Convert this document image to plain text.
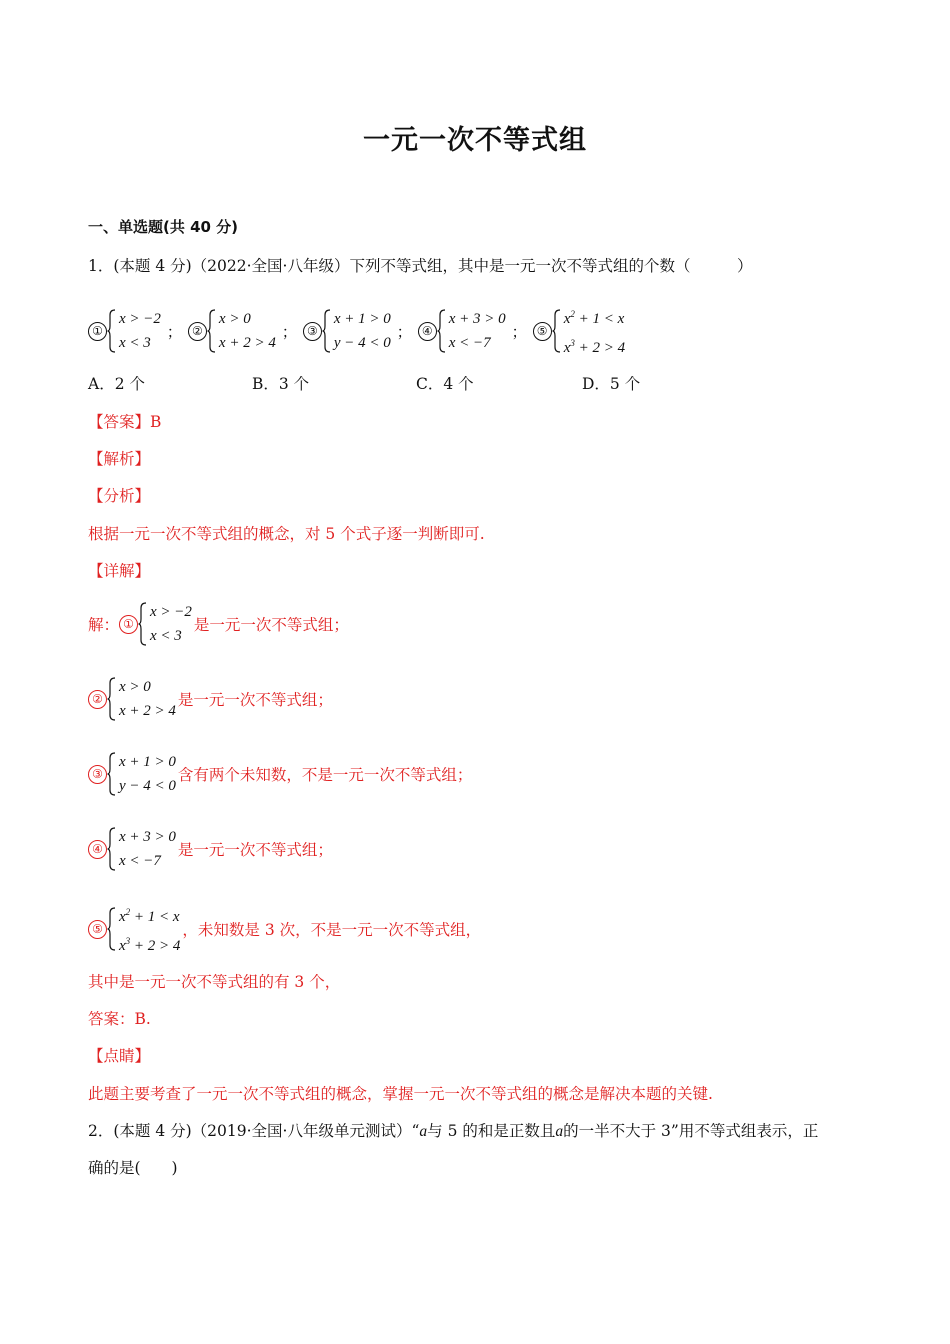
一元一次不等式组
一、单选题(共 40 分)
1．(本题 4 分)（2022·全国·八年级）下列不等式组，其中是一元一次不等式组的个数（　　　）
①
x > −2
x < 3
； ②
x > 0
x + 2 > 4
； ③
x + 1 > 0
y − 4 < 0
； ④
x + 3 > 0
x < −7
； ⑤
$x^2 + 1 < x$
$x^3 + 2 > 4$
A．2 个	B．3 个	C．4 个	D．5 个
【答案】B
【解析】
【分析】
根据一元一次不等式组的概念，对 5 个式子逐一判断即可.
【详解】
解： ①
x > −2
x < 3
是一元一次不等式组；
②
x > 0
x + 2 > 4
是一元一次不等式组；
③
x + 1 > 0
y − 4 < 0
含有两个未知数，不是一元一次不等式组；
④
x + 3 > 0
x < −7
是一元一次不等式组；
⑤
$x^2 + 1 < x$
$x^3 + 2 > 4$
，未知数是 3 次，不是一元一次不等式组，
其中是一元一次不等式组的有 3 个，
答案：B.
【点睛】
此题主要考查了一元一次不等式组的概念，掌握一元一次不等式组的概念是解决本题的关键.
2．(本题 4 分)（2019·全国·八年级单元测试）“a与 5 的和是正数且a的一半不大于 3”用不等式组表示，正
确的是(　　)
